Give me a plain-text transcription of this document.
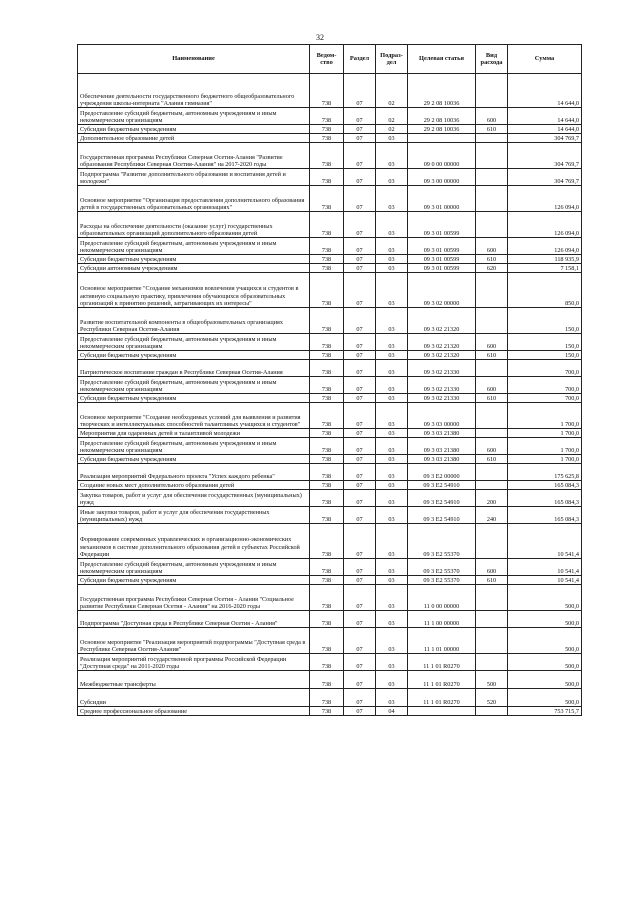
32
Наименование	Ведом-ство	Раздел	Подраз-дел	Целевая статья	Вид расхода	Сумма
Обеспечение деятельности государственного бюджетного общеобразовательного учреждения школы-интерната "Алания гимназия"	738	07	02	29 2 08 10036		14 644,0
Предоставление субсидий бюджетным, автономным учреждениям и иным некоммерческим организациям	738	07	02	29 2 08 10036	600	14 644,0
Субсидии бюджетным учреждениям	738	07	02	29 2 08 10036	610	14 644,0
Дополнительное образование детей	738	07	03			304 769,7
Государственная программа Республики Северная Осетия-Алания "Развитие образования Республики Северная Осетия-Алания" на 2017-2020 годы	738	07	03	09 0 00 00000		304 769,7
Подпрограмма "Развитие дополнительного образования и воспитания детей и молодежи"	738	07	03	09 3 00 00000		304 769,7
Основное мероприятие "Организация предоставления дополнительного образования детей в государственных образовательных организациях"	738	07	03	09 3 01 00000		126 094,0
Расходы на обеспечение деятельности (оказание услуг) государственных образовательных организаций дополнительного образования детей	738	07	03	09 3 01 00599		126 094,0
Предоставление субсидий бюджетным, автономным учреждениям и иным некоммерческим организациям	738	07	03	09 3 01 00599	600	126 094,0
Субсидии бюджетным учреждениям	738	07	03	09 3 01 00599	610	118 935,9
Субсидии автономным учреждениям	738	07	03	09 3 01 00599	620	7 158,1
Основное мероприятие "Создание механизмов вовлечения учащихся и студентов в активную социальную практику, привлечения обучающихся образовательных организаций к принятию решений, затрагивающих их интересы"	738	07	03	09 3 02 00000		850,0
Развитие воспитательной компоненты в общеобразовательных организациях Республики Северная Осетия-Алания	738	07	03	09 3 02 21320		150,0
Предоставление субсидий бюджетным, автономным учреждениям и иным некоммерческим организациям	738	07	03	09 3 02 21320	600	150,0
Субсидии бюджетным учреждениям	738	07	03	09 3 02 21320	610	150,0
Патриотическое воспитание граждан в Республике Северная Осетия-Алания	738	07	03	09 3 02 21330		700,0
Предоставление субсидий бюджетным, автономным учреждениям и иным некоммерческим организациям	738	07	03	09 3 02 21330	600	700,0
Субсидии бюджетным учреждениям	738	07	03	09 3 02 21330	610	700,0
Основное мероприятие "Создание необходимых условий для выявления и развития творческих и интеллектуальных способностей талантливых учащихся и студентов"	738	07	03	09 3 03 00000		1 700,0
Мероприятия для одаренных детей и талантливой молодежи	738	07	03	09 3 03 21380		1 700,0
Предоставление субсидий бюджетным, автономным учреждениям и иным некоммерческим организациям	738	07	03	09 3 03 21380	600	1 700,0
Субсидии бюджетным учреждениям	738	07	03	09 3 03 21380	610	1 700,0
Реализация мероприятий Федерального проекта "Успех каждого ребенка"	738	07	03	09 3 E2 00000		175 625,8
Создание новых мест дополнительного образования детей	738	07	03	09 3 E2 54910		165 084,3
Закупка товаров, работ и услуг для обеспечения государственных (муниципальных) нужд	738	07	03	09 3 E2 54910	200	165 084,3
Иные закупки товаров, работ и услуг для обеспечения государственных (муниципальных) нужд	738	07	03	09 3 E2 54910	240	165 084,3
Формирование современных управленческих и организационно-экономических механизмов в системе дополнительного образования детей в субъектах Российской Федерации	738	07	03	09 3 E2 55370		10 541,4
Предоставление субсидий бюджетным, автономным учреждениям и иным некоммерческим организациям	738	07	03	09 3 E2 55370	600	10 541,4
Субсидии бюджетным учреждениям	738	07	03	09 3 E2 55370	610	10 541,4
Государственная программа Республики Северная Осетия - Алания "Социальное развитие Республики Северная Осетия - Алания" на 2016-2020 годы	738	07	03	11 0 00 00000		500,0
Подпрограмма "Доступная среда в Республике Северная Осетия - Алания"	738	07	03	11 1 00 00000		500,0
Основное мероприятие "Реализация мероприятий подпрограммы "Доступная среда в Республике Северная Осетия-Алания"	738	07	03	11 1 01 00000		500,0
Реализация мероприятий государственной программы Российской Федерации "Доступная среда" на 2011-2020 годы	738	07	03	11 1 01 R0270		500,0
Межбюджетные трансферты	738	07	03	11 1 01 R0270	500	500,0
Субсидии	738	07	03	11 1 01 R0270	520	500,0
Среднее профессиональное образование	738	07	04			753 715,7
